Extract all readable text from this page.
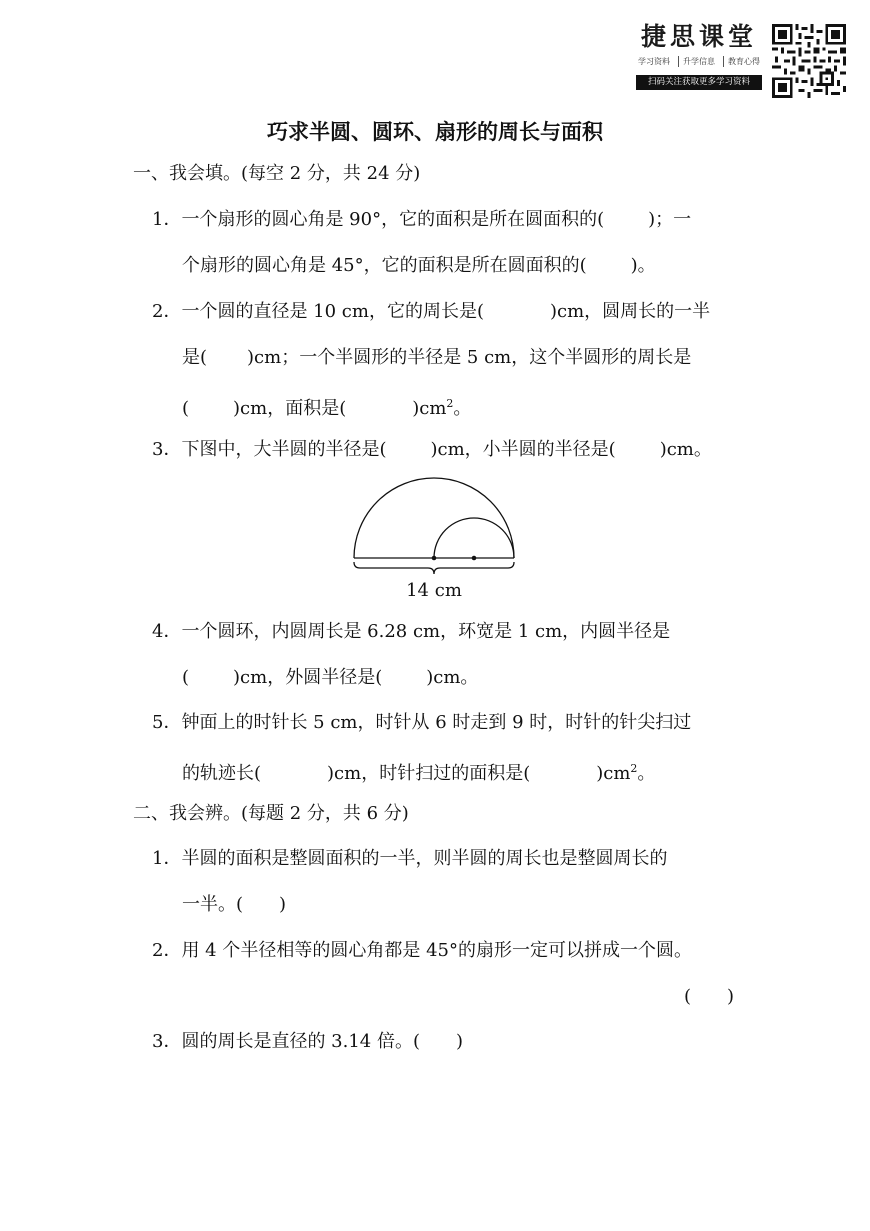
捷思课堂
学习资料	升学信息	教育心得
扫码关注获取更多学习资料
巧求半圆、圆环、扇形的周长与面积
一、我会填。(每空 2 分，共 24 分)
1．一个扇形的圆心角是 90°，它的面积是所在圆面积的( )；一
个扇形的圆心角是 45°，它的面积是所在圆面积的( )。
2．一个圆的直径是 10 cm，它的周长是(	)cm，圆周长的一半
是( )cm；一个半圆形的半径是 5 cm，这个半圆形的周长是
( )cm，面积是(	)$cm^2$。
3．下图中，大半圆的半径是( )cm，小半圆的半径是( )cm。
14 cm
4．一个圆环，内圆周长是 6.28 cm，环宽是 1 cm，内圆半径是
( )cm，外圆半径是( )cm。
5．钟面上的时针长 5 cm，时针从 6 时走到 9 时，时针的针尖扫过
的轨迹长(	)cm，时针扫过的面积是(	)$cm^2$。
二、我会辨。(每题 2 分，共 6 分)
1．半圆的面积是整圆面积的一半，则半圆的周长也是整圆周长的
一半。(　　)
2．用 4 个半径相等的圆心角都是 45°的扇形一定可以拼成一个圆。
(　　)
3．圆的周长是直径的 3.14 倍。(　　)
